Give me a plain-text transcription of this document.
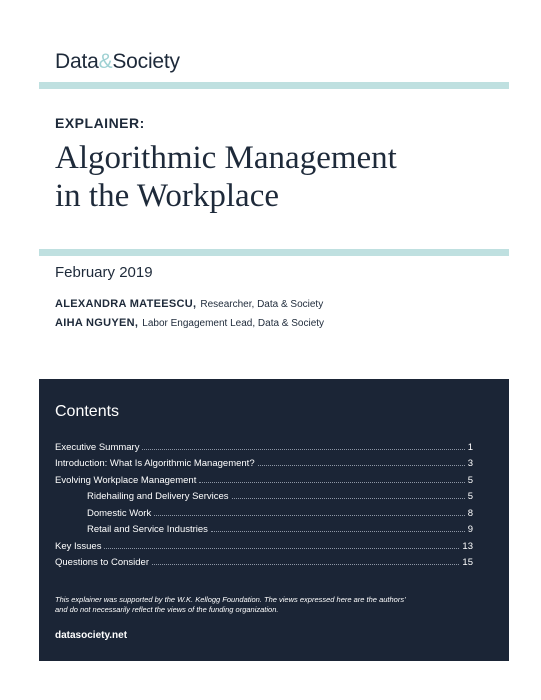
Data&Society
EXPLAINER:
Algorithmic Management
in the Workplace
February 2019
ALEXANDRA MATEESCU, Researcher, Data & Society
AIHA NGUYEN, Labor Engagement Lead, Data & Society
Contents
Executive Summary	1
Introduction: What Is Algorithmic Management?	3
Evolving Workplace Management	5
Ridehailing and Delivery Services	5
Domestic Work	8
Retail and Service Industries	9
Key Issues	13
Questions to Consider	15
This explainer was supported by the W.K. Kellogg Foundation. The views expressed here are the authors'
and do not necessarily reflect the views of the funding organization.
datasociety.net
